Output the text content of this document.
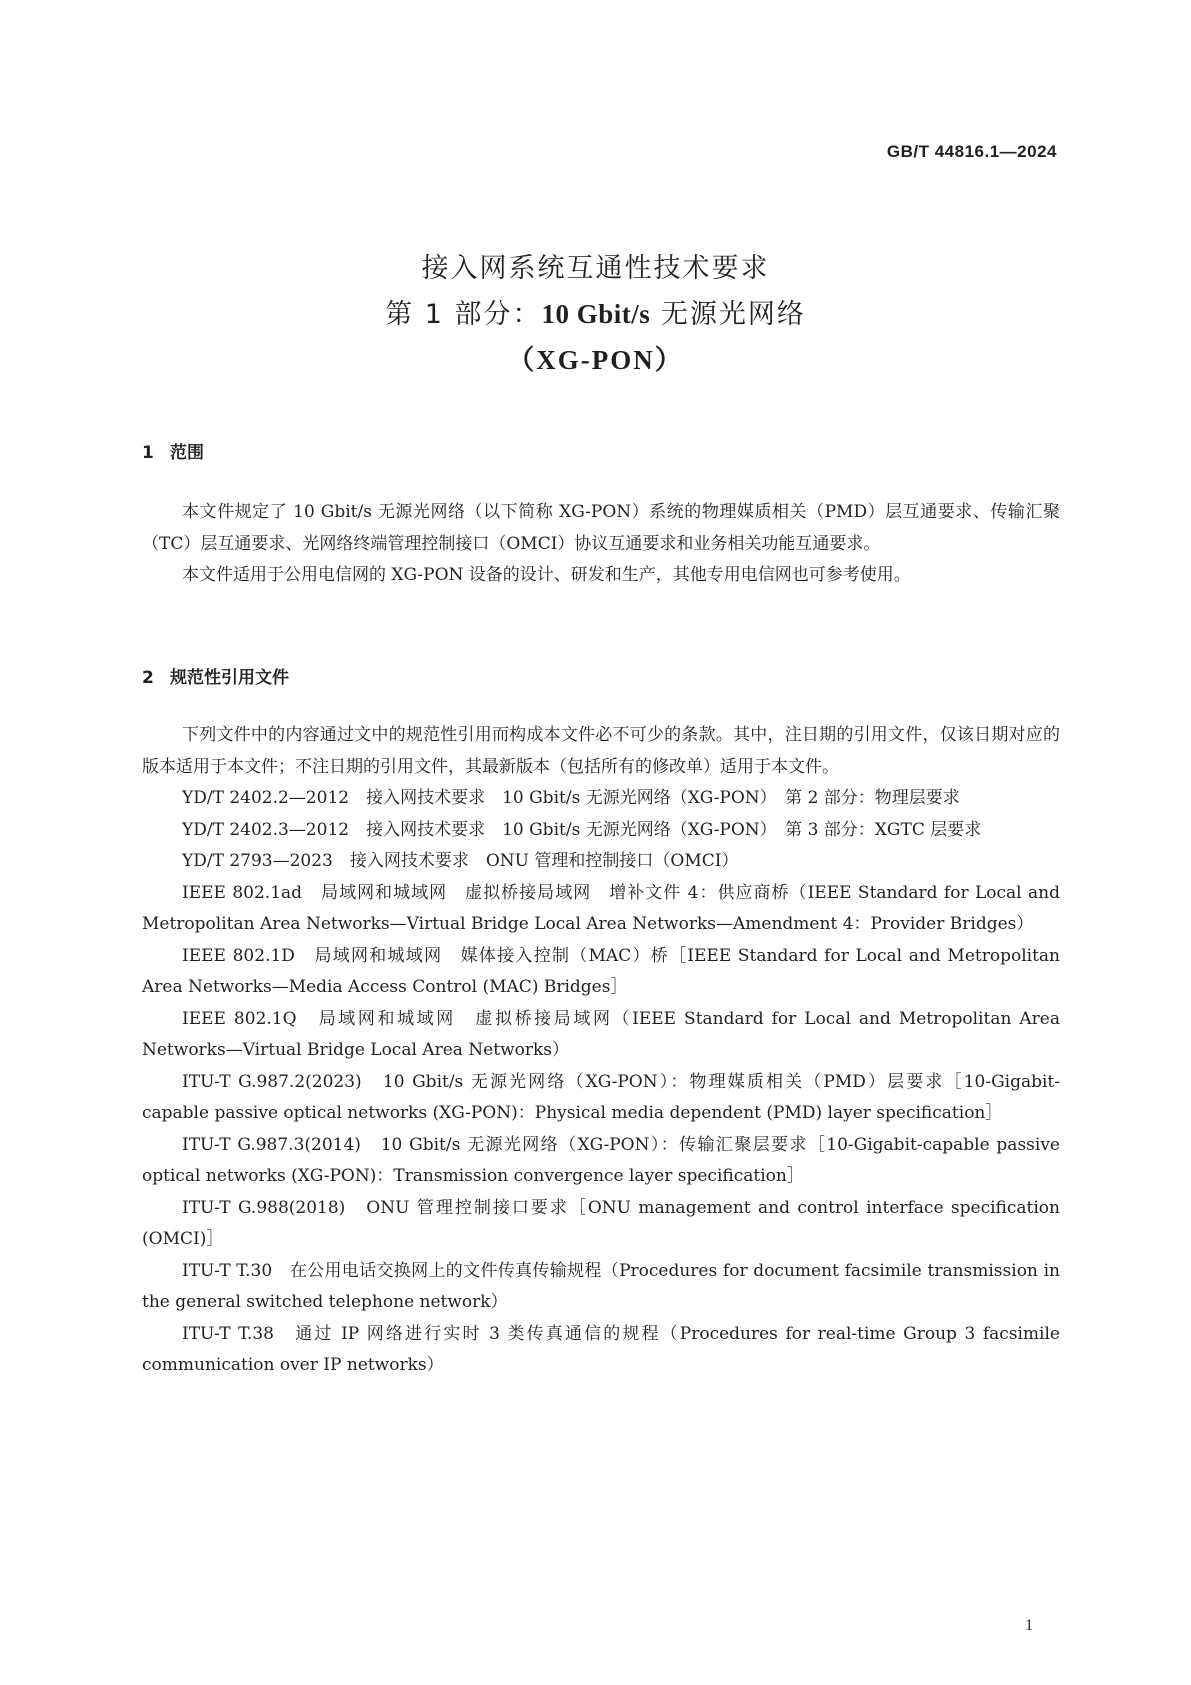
GB/T 44816.1—2024
接入网系统互通性技术要求
第 1 部分：10 Gbit/s 无源光网络
（XG-PON）
1 范围

本文件规定了 10 Gbit/s 无源光网络（以下简称 XG-PON）系统的物理媒质相关（PMD）层互通要求、传输汇聚（TC）层互通要求、光网络终端管理控制接口（OMCI）协议互通要求和业务相关功能互通要求。

本文件适用于公用电信网的 XG-PON 设备的设计、研发和生产，其他专用电信网也可参考使用。

2 规范性引用文件

下列文件中的内容通过文中的规范性引用而构成本文件必不可少的条款。其中，注日期的引用文件，仅该日期对应的版本适用于本文件；不注日期的引用文件，其最新版本（包括所有的修改单）适用于本文件。

YD/T 2402.2—2012　接入网技术要求　10 Gbit/s 无源光网络（XG-PON）　第 2 部分：物理层要求

YD/T 2402.3—2012　接入网技术要求　10 Gbit/s 无源光网络（XG-PON）　第 3 部分：XGTC 层要求

YD/T 2793—2023　接入网技术要求　ONU 管理和控制接口（OMCI）

IEEE 802.1ad　局域网和城域网　虚拟桥接局域网　增补文件 4：供应商桥（IEEE Standard for Local and Metropolitan Area Networks—Virtual Bridge Local Area Networks—Amendment 4：Provider Bridges）

IEEE 802.1D　局域网和城域网　媒体接入控制（MAC）桥［IEEE Standard for Local and Metropolitan Area Networks—Media Access Control (MAC) Bridges］

IEEE 802.1Q　局域网和城域网　虚拟桥接局域网（IEEE Standard for Local and Metropolitan Area Networks—Virtual Bridge Local Area Networks）

ITU-T G.987.2(2023)　10 Gbit/s 无源光网络（XG-PON）：物理媒质相关（PMD）层要求［10-Gigabit-capable passive optical networks (XG-PON)：Physical media dependent (PMD) layer specification］

ITU-T G.987.3(2014)　10 Gbit/s 无源光网络（XG-PON）：传输汇聚层要求［10-Gigabit-capable passive optical networks (XG-PON)：Transmission convergence layer specification］

ITU-T G.988(2018)　ONU 管理控制接口要求［ONU management and control interface specification (OMCI)］

ITU-T T.30　在公用电话交换网上的文件传真传输规程（Procedures for document facsimile transmission in the general switched telephone network）

ITU-T T.38　通过 IP 网络进行实时 3 类传真通信的规程（Procedures for real-time Group 3 facsimile communication over IP networks）

1
